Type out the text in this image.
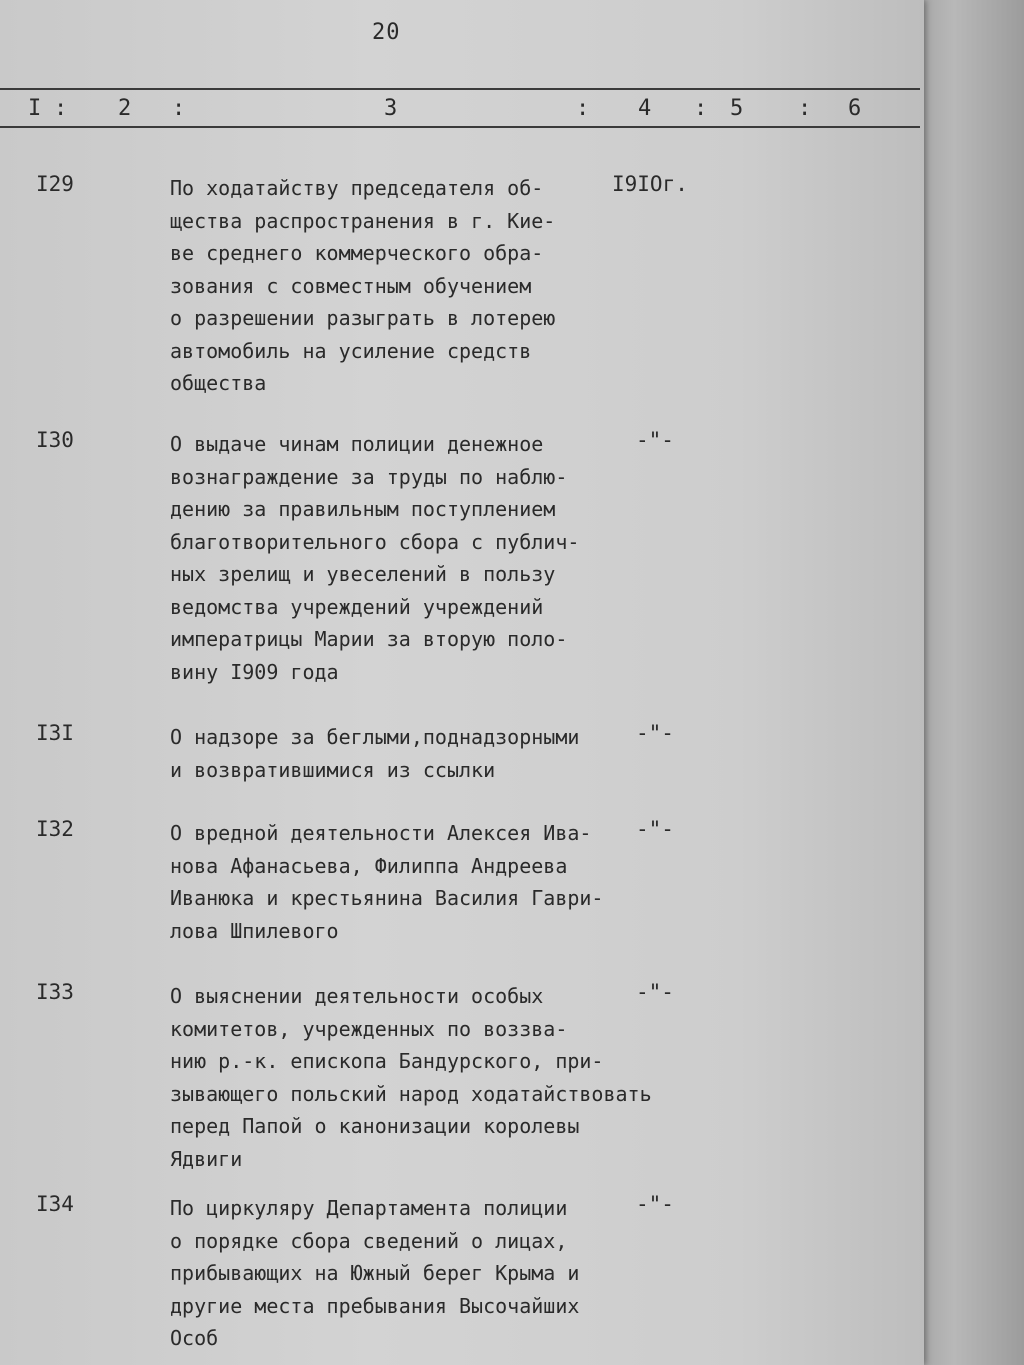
20
I : 2 :	3	: 4 : 5 : 6
I29	По ходатайству председателя об-
щества распространения в г. Кие-
ве среднего коммерческого обра-
зования с совместным обучением
о разрешении разыграть в лотерею
автомобиль на усиление средств
общества
I9IOг.
I30	О выдаче чинам полиции денежное
вознаграждение за труды по наблю-
дению за правильным поступлением
благотворительного сбора с публич-
ных зрелищ и увеселений в пользу
ведомства учреждений учреждений
императрицы Марии за вторую поло-
вину I909 года
-"-
I3I	О надзоре за беглыми,поднадзорными
и возвратившимися из ссылки
-"-
I32	О вредной деятельности Алексея Ива-
нова Афанасьева, Филиппа Андреева
Иванюка и крестьянина Василия Гаври-
лова Шпилевого
-"-
I33	О выяснении деятельности особых
комитетов, учрежденных по воззва-
нию р.-к. епископа Бандурского, при-
зывающего польский народ ходатайствовать
перед Папой о канонизации королевы
Ядвиги
-"-
I34	По циркуляру Департамента полиции
о порядке сбора сведений о лицах,
прибывающих на Южный берег Крыма и
другие места пребывания Высочайших
Особ
-"-
